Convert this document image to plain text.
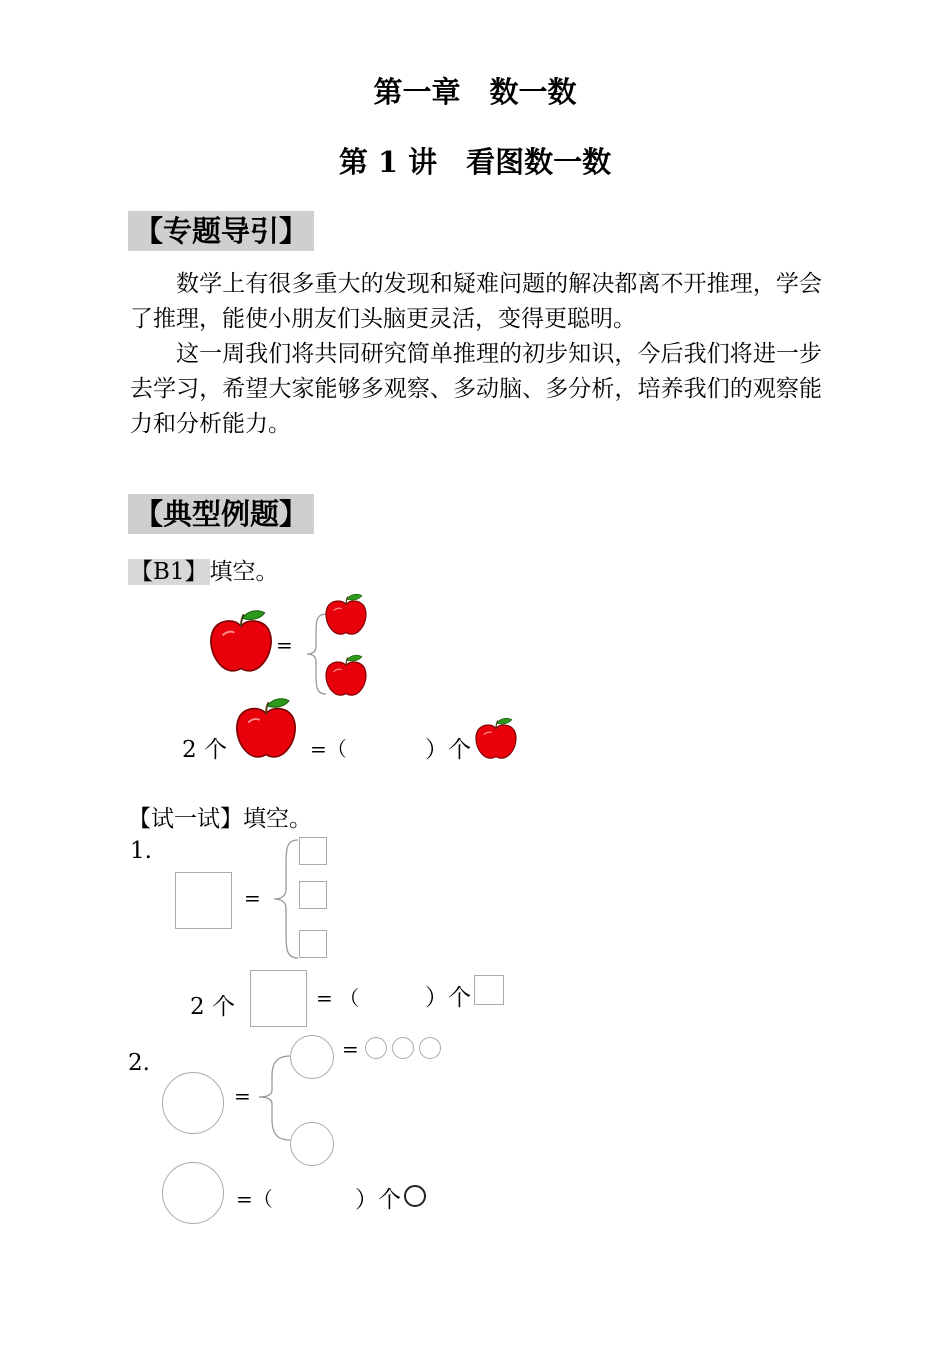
第一章　数一数
第 1 讲　看图数一数
【专题导引】

数学上有很多重大的发现和疑难问题的解决都离不开推理，学会了推理，能使小朋友们头脑更灵活，变得更聪明。

这一周我们将共同研究简单推理的初步知识，今后我们将进一步去学习，希望大家能够多观察、多动脑、多分析，培养我们的观察能力和分析能力。

【典型例题】
【B1】填空。
=
2 个	=（	）个
【试一试】填空。
1.
=
2 个	= （	）个
2.
=
=
=（	）个
